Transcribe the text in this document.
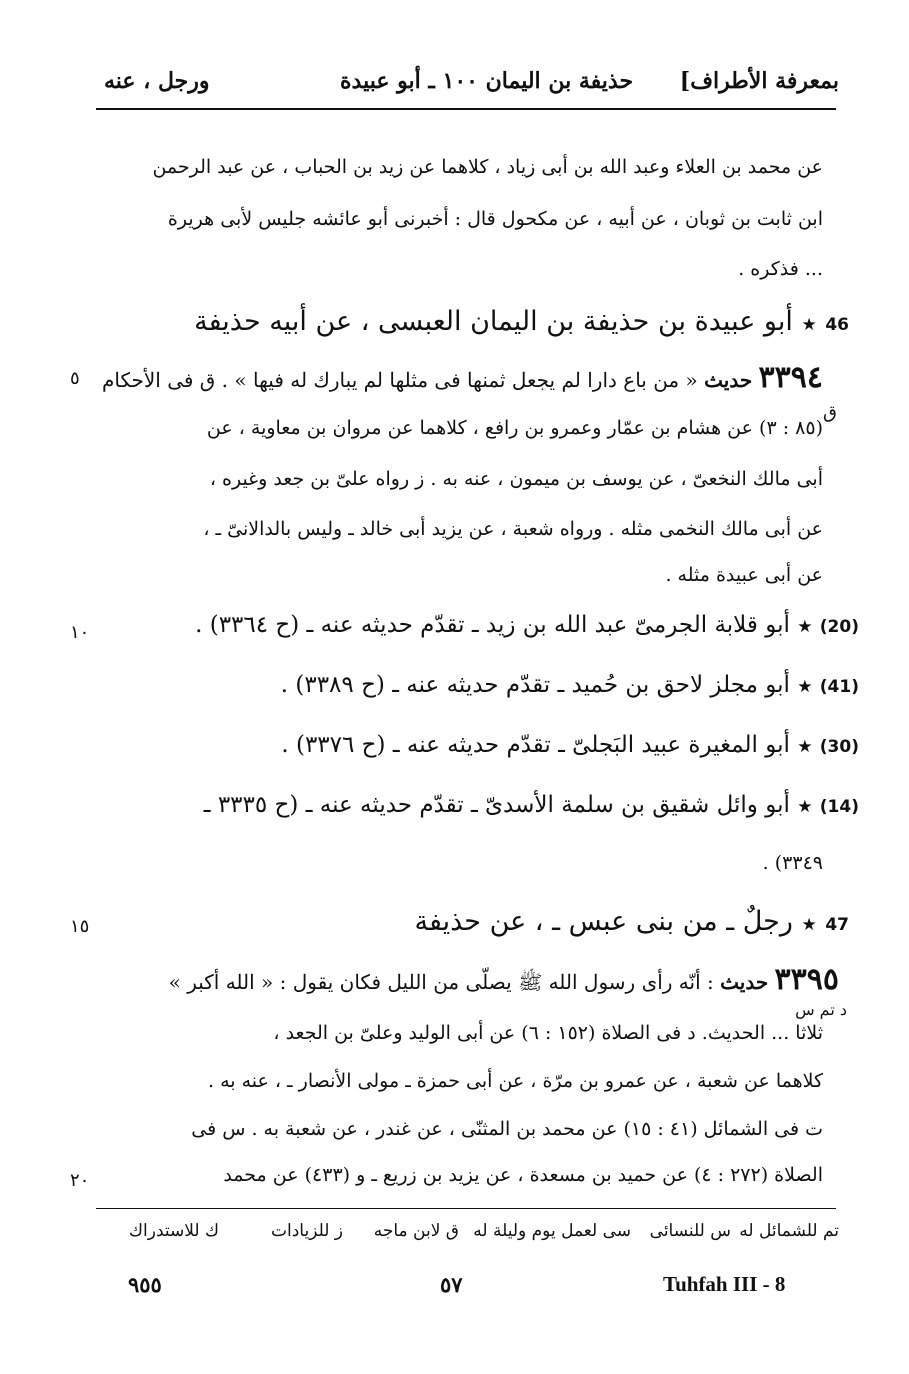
بمعرفة الأطراف]
حذيفة بن اليمان ١٠٠ ـ أبو عبيدة
ورجل ، عنه
عن محمد بن العلاء وعبد الله بن أبى زياد ، كلاهما عن زيد بن الحباب ، عن عبد الرحمن
ابن ثابت بن ثوبان ، عن أبيه ، عن مكحول قال : أخبرنى أبو عائشه جليس لأبى هريرة
... فذكره .
46 ★ أبو عبيدة بن حذيفة بن اليمان العبسى ، عن أبيه حذيفة
٣٣٩٤ حديث « من باع دارا لم يجعل ثمنها فى مثلها لم يبارك له فيها » . ق فى الأحكام
٥
ق
(٨٥ : ٣) عن هشام بن عمّار وعمرو بن رافع ، كلاهما عن مروان بن معاوية ، عن
أبى مالك النخعىّ ، عن يوسف بن ميمون ، عنه به . ز رواه علىّ بن جعد وغيره ،
عن أبى مالك النخمى مثله . ورواه شعبة ، عن يزيد أبى خالد ـ وليس بالدالانىّ ـ ،
عن أبى عبيدة مثله .
(20) ★ أبو قلابة الجرمىّ عبد الله بن زيد ـ تقدّم حديثه عنه ـ (ح ٣٣٦٤) .
١٠
(41) ★ أبو مجلز لاحق بن حُميد ـ تقدّم حديثه عنه ـ (ح ٣٣٨٩) .
(30) ★ أبو المغيرة عبيد البَجلىّ ـ تقدّم حديثه عنه ـ (ح ٣٣٧٦) .
(14) ★ أبو وائل شقيق بن سلمة الأسدىّ ـ تقدّم حديثه عنه ـ (ح ٣٣٣٥ ـ
٣٣٤٩) .
47 ★ رجلٌ ـ من بنى عبس ـ ، عن حذيفة
١٥
٣٣٩٥ حديث : أنّه رأى رسول الله ﷺ يصلّى من الليل فكان يقول : « الله أكبر »
د تم س
ثلاثا ... الحديث. د فى الصلاة (١٥٢ : ٦) عن أبى الوليد وعلىّ بن الجعد ،
كلاهما عن شعبة ، عن عمرو بن مرّة ، عن أبى حمزة ـ مولى الأنصار ـ ، عنه به .
ت فى الشمائل (٤١ : ١٥) عن محمد بن المثنّى ، عن غندر ، عن شعبة به . س فى
الصلاة (٢٧٢ : ٤) عن حميد بن مسعدة ، عن يزيد بن زريع ـ و (٤٣٣) عن محمد
٢٠
تم للشمائل له
س للنسائى
سى لعمل يوم وليلة له
ق لابن ماجه
ز للزيادات
ك للاستدراك
Tuhfah III - 8
٥٧
٩٥٥
